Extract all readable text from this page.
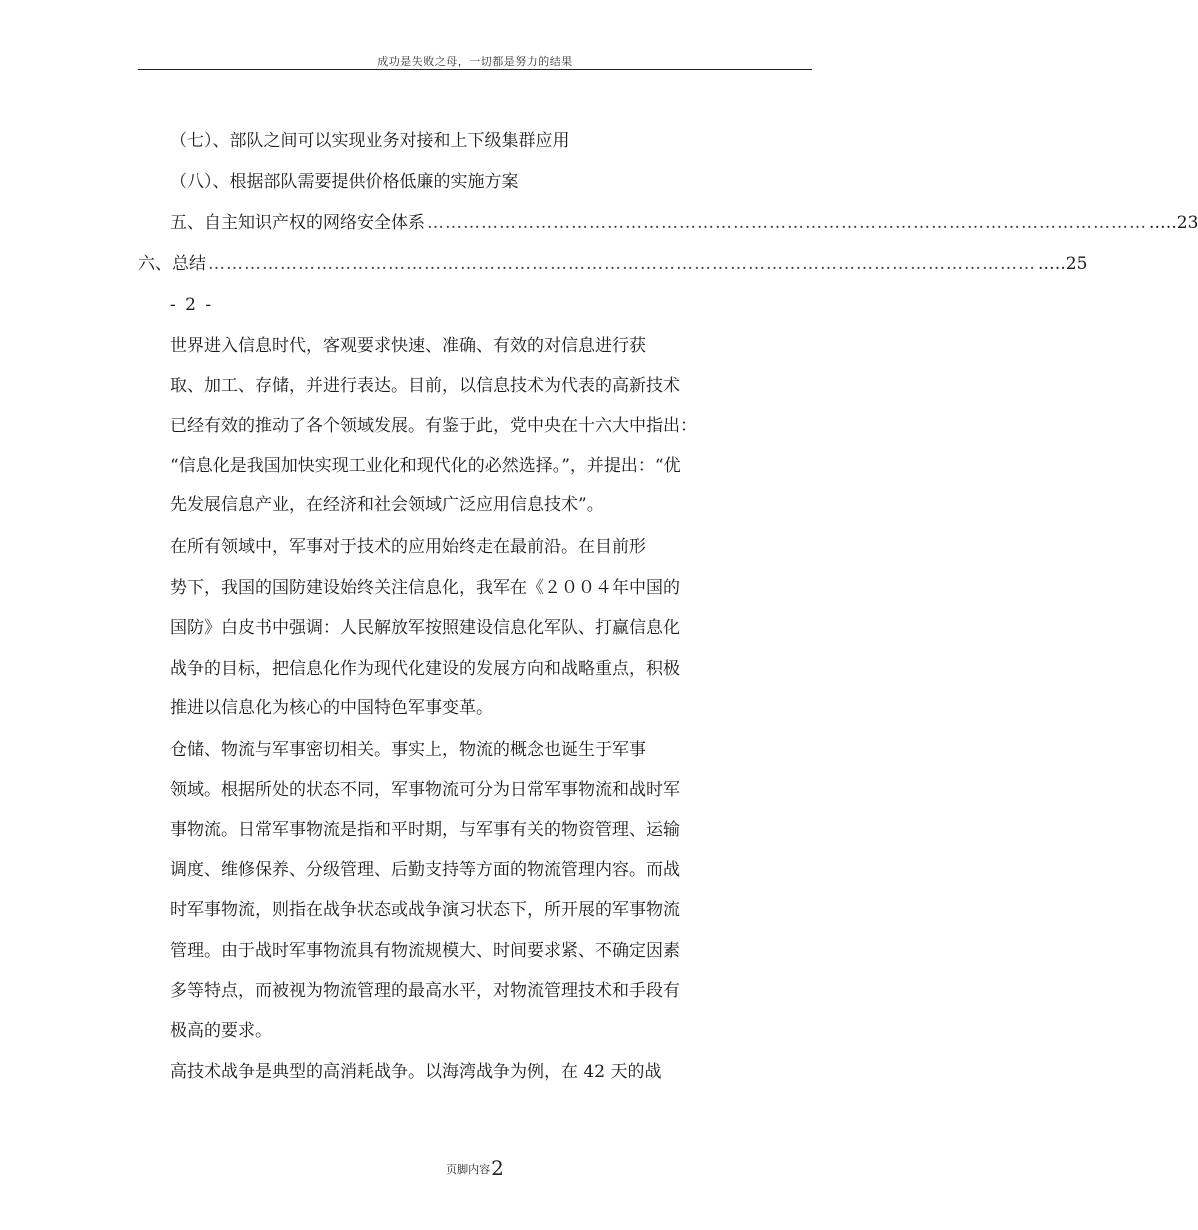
成功是失败之母，一切都是努力的结果
（七）、部队之间可以实现业务对接和上下级集群应用
（八）、根据部队需要提供价格低廉的实施方案
五、 自主知识产权的网络安全体系 ………………………………………………………………………………………………………… .….23
六、 总结 ………………………………………………………………………………………………………………………… .….25
- 2 -
世界进入信息时代，客观要求快速、准确、有效的对信息进行获
取、加工、存储，并进行表达。目前，以信息技术为代表的高新技术
已经有效的推动了各个领域发展。有鉴于此，党中央在十六大中指出：
“信息化是我国加快实现工业化和现代化的必然选择。”，并提出：“优
先发展信息产业，在经济和社会领域广泛应用信息技术”。
在所有领域中，军事对于技术的应用始终走在最前沿。在目前形
势下，我国的国防建设始终关注信息化，我军在《２００４年中国的
国防》白皮书中强调：人民解放军按照建设信息化军队、打赢信息化
战争的目标，把信息化作为现代化建设的发展方向和战略重点，积极
推进以信息化为核心的中国特色军事变革。
仓储、物流与军事密切相关。事实上，物流的概念也诞生于军事
领域。根据所处的状态不同，军事物流可分为日常军事物流和战时军
事物流。日常军事物流是指和平时期，与军事有关的物资管理、运输
调度、维修保养、分级管理、后勤支持等方面的物流管理内容。而战
时军事物流，则指在战争状态或战争演习状态下，所开展的军事物流
管理。由于战时军事物流具有物流规模大、时间要求紧、不确定因素
多等特点，而被视为物流管理的最高水平，对物流管理技术和手段有
极高的要求。
高技术战争是典型的高消耗战争。以海湾战争为例，在 42 天的战
页脚内容2
